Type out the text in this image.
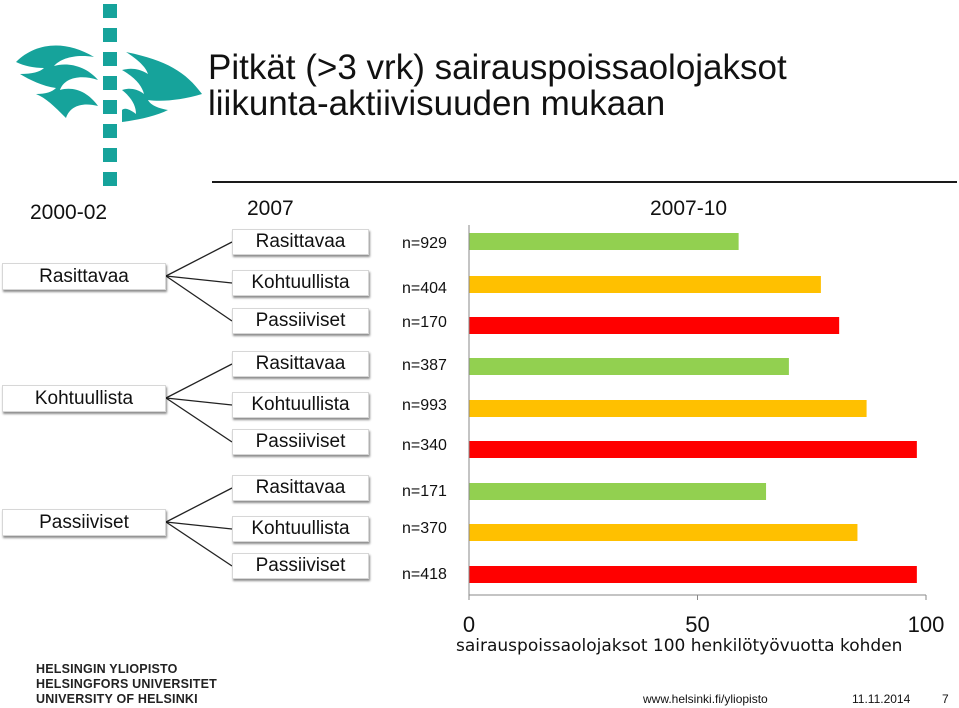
Pitkät (>3 vrk) sairauspoissaolojaksot
liikunta-aktiivisuuden mukaan
2000-02	2007	2007-10
Rasittavaa
Kohtuullista
Passiiviset
Rasittavaa
Kohtuullista
Passiiviset
Rasittavaa
Kohtuullista
Passiiviset
Rasittavaa
Kohtuullista
Passiiviset
n=929
n=404
n=170
n=387
n=993
n=340
n=171
n=370
n=418
0	50	100
sairauspoissaolojaksot 100 henkilötyövuotta kohden
HELSINGIN YLIOPISTO
HELSINGFORS UNIVERSITET
UNIVERSITY OF HELSINKI	www.helsinki.fi/yliopisto	11.11.2014	7
